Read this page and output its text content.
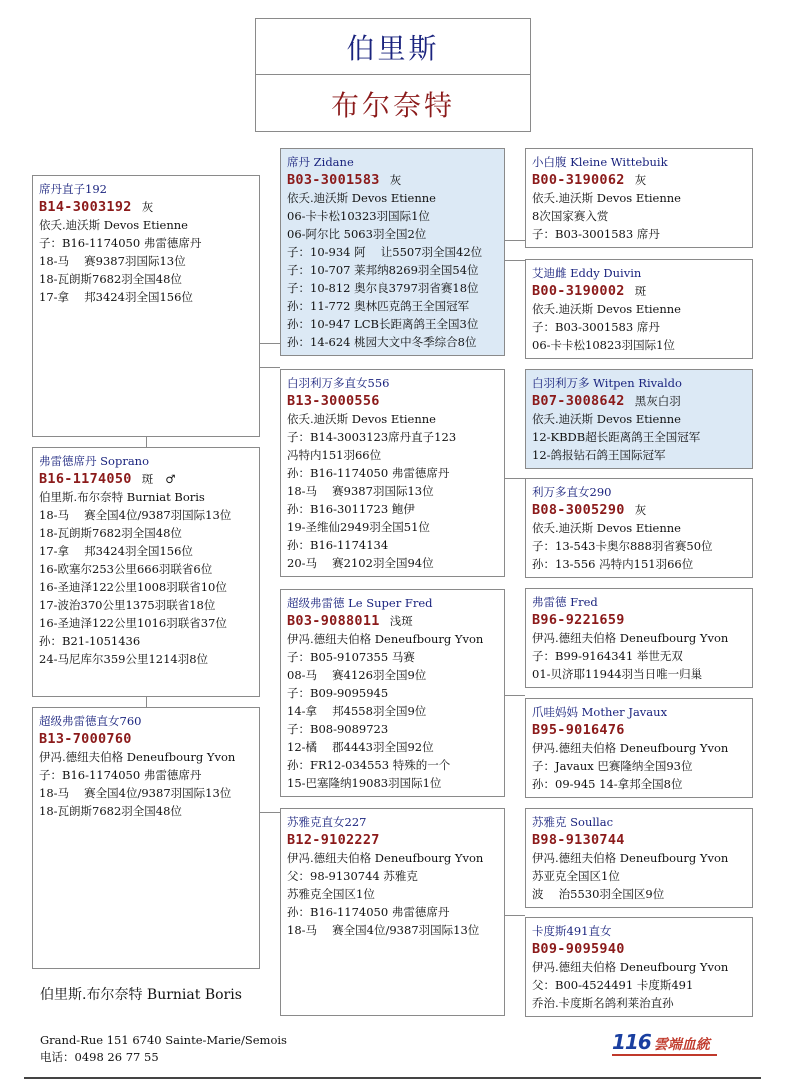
伯里斯
布尔奈特
席丹直子192
B14-3003192 灰
依夭.迪沃斯 Devos Etienne
子：B16-1174050 弗雷德席丹
18-马　 赛9387羽国际13位
18-瓦朗斯7682羽全国48位
17-拿　 邦3424羽全国156位
弗雷德席丹 Soprano
B16-1174050 斑 ♂
伯里斯.布尔奈特 Burniat Boris
18-马　 赛全国4位/9387羽国际13位
18-瓦朗斯7682羽全国48位
17-拿　 邦3424羽全国156位
16-欧塞尔253公里666羽联省6位
16-圣迪泽122公里1008羽联省10位
17-波治370公里1375羽联省18位
16-圣迪泽122公里1016羽联省37位
孙：B21-1051436
24-马尼库尔359公里1214羽8位
超级弗雷德直女760
B13-7000760
伊冯.德纽夫伯格 Deneufbourg Yvon
子：B16-1174050 弗雷德席丹
18-马　 赛全国4位/9387羽国际13位
18-瓦朗斯7682羽全国48位
席丹 Zidane
B03-3001583 灰
依夭.迪沃斯 Devos Etienne
06-卡卡松10323羽国际1位
06-阿尔比 5063羽全国2位
子：10-934 阿　 让5507羽全国42位
子：10-707 莱邦纳8269羽全国54位
子：10-812 奥尔良3797羽省赛18位
孙：11-772 奥林匹克鸽王全国冠军
孙：10-947 LCB长距离鸽王全国3位
孙：14-624 桃园大文中冬季综合8位
白羽利万多直女556
B13-3000556
依夭.迪沃斯 Devos Etienne
子：B14-3003123席丹直子123
冯特内151羽66位
孙：B16-1174050 弗雷德席丹
18-马　 赛9387羽国际13位
孙：B16-3011723 鲍伊
19-圣维仙2949羽全国51位
孙：B16-1174134
20-马　 赛2102羽全国94位
超级弗雷德 Le Super Fred
B03-9088011 浅斑
伊冯.德纽夫伯格 Deneufbourg Yvon
子：B05-9107355 马赛
08-马　 赛4126羽全国9位
子：B09-9095945
14-拿　 邦4558羽全国9位
子：B08-9089723
12-橘　 郡4443羽全国92位
孙：FR12-034553 特殊的一个
15-巴塞隆纳19083羽国际1位
苏雅克直女227
B12-9102227
伊冯.德纽夫伯格 Deneufbourg Yvon
父：98-9130744 苏雅克
苏雅克全国区1位
孙：B16-1174050 弗雷德席丹
18-马　 赛全国4位/9387羽国际13位
小白腹 Kleine Wittebuik
B00-3190062 灰
依夭.迪沃斯 Devos Etienne
8次国家赛入赏
子：B03-3001583 席丹
艾迪雌 Eddy Duivin
B00-3190002 斑
依夭.迪沃斯 Devos Etienne
子：B03-3001583 席丹
06-卡卡松10823羽国际1位
白羽利万多 Witpen Rivaldo
B07-3008642 黑灰白羽
依夭.迪沃斯 Devos Etienne
12-KBDB超长距离鸽王全国冠军
12-鸽报钻石鸽王国际冠军
利万多直女290
B08-3005290 灰
依夭.迪沃斯 Devos Etienne
子：13-543卡奥尔888羽省赛50位
孙：13-556 冯特内151羽66位
弗雷德 Fred
B96-9221659
伊冯.德纽夫伯格 Deneufbourg Yvon
子：B99-9164341 举世无双
01-贝济耶11944羽当日唯一归巢
爪哇妈妈 Mother Javaux
B95-9016476
伊冯.德纽夫伯格 Deneufbourg Yvon
子：Javaux 巴赛隆纳全国93位
孙：09-945 14-拿邦全国8位
苏雅克 Soullac
B98-9130744
伊冯.德纽夫伯格 Deneufbourg Yvon
苏亚克全国区1位
波　 治5530羽全国区9位
卡度斯491直女
B09-9095940
伊冯.德纽夫伯格 Deneufbourg Yvon
父：B00-4524491 卡度斯491
乔治.卡度斯名鸽利莱治直孙
伯里斯.布尔奈特 Burniat Boris
Grand-Rue 151 6740 Sainte-Marie/Semois
电话：0498 26 77 55
116 雲端血統
